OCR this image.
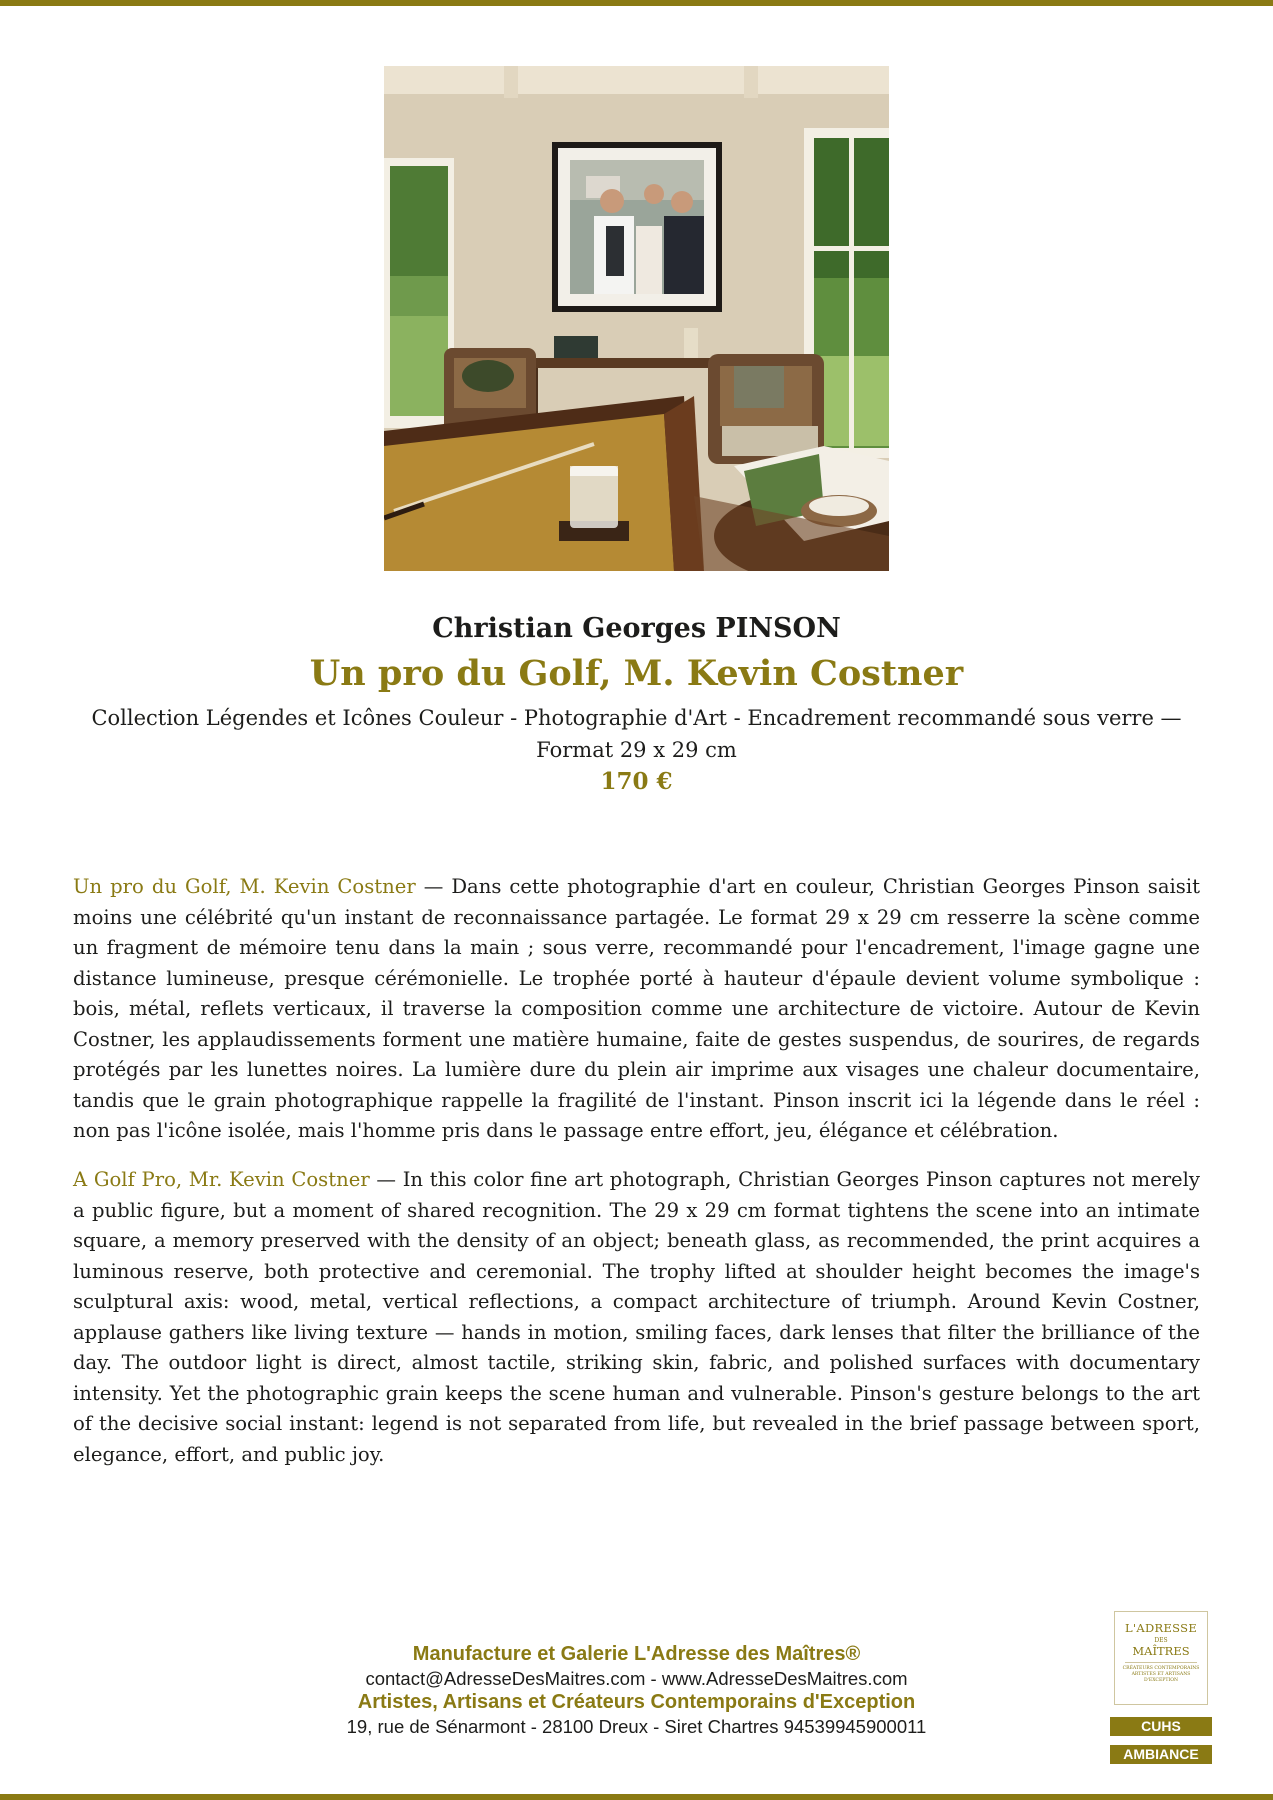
Christian Georges PINSON
Un pro du Golf, M. Kevin Costner
Collection Légendes et Icônes Couleur - Photographie d'Art - Encadrement recommandé sous verre — Format 29 x 29 cm
170 €

Un pro du Golf, M. Kevin Costner — Dans cette photographie d'art en couleur, Christian Georges Pinson saisit moins une célébrité qu'un instant de reconnaissance partagée. Le format 29 x 29 cm resserre la scène comme un fragment de mémoire tenu dans la main ; sous verre, recommandé pour l'encadrement, l'image gagne une distance lumineuse, presque cérémonielle. Le trophée porté à hauteur d'épaule devient volume symbolique : bois, métal, reflets verticaux, il traverse la composition comme une architecture de victoire. Autour de Kevin Costner, les applaudissements forment une matière humaine, faite de gestes suspendus, de sourires, de regards protégés par les lunettes noires. La lumière dure du plein air imprime aux visages une chaleur documentaire, tandis que le grain photographique rappelle la fragilité de l'instant. Pinson inscrit ici la légende dans le réel : non pas l'icône isolée, mais l'homme pris dans le passage entre effort, jeu, élégance et célébration.

A Golf Pro, Mr. Kevin Costner — In this color fine art photograph, Christian Georges Pinson captures not merely a public figure, but a moment of shared recognition. The 29 x 29 cm format tightens the scene into an intimate square, a memory preserved with the density of an object; beneath glass, as recommended, the print acquires a luminous reserve, both protective and ceremonial. The trophy lifted at shoulder height becomes the image's sculptural axis: wood, metal, vertical reflections, a compact architecture of triumph. Around Kevin Costner, applause gathers like living texture — hands in motion, smiling faces, dark lenses that filter the brilliance of the day. The outdoor light is direct, almost tactile, striking skin, fabric, and polished surfaces with documentary intensity. Yet the photographic grain keeps the scene human and vulnerable. Pinson's gesture belongs to the art of the decisive social instant: legend is not separated from life, but revealed in the brief passage between sport, elegance, effort, and public joy.

Manufacture et Galerie L'Adresse des Maîtres®
contact@AdresseDesMaitres.com - www.AdresseDesMaitres.com
Artistes, Artisans et Créateurs Contemporains d'Exception
19, rue de Sénarmont - 28100 Dreux - Siret Chartres 94539945900011
L'ADRESSE
DES
MAÎTRES
CRÉATEURS CONTEMPORAINS ARTISTES ET ARTISANS D'EXCEPTION
CUHS
AMBIANCE
